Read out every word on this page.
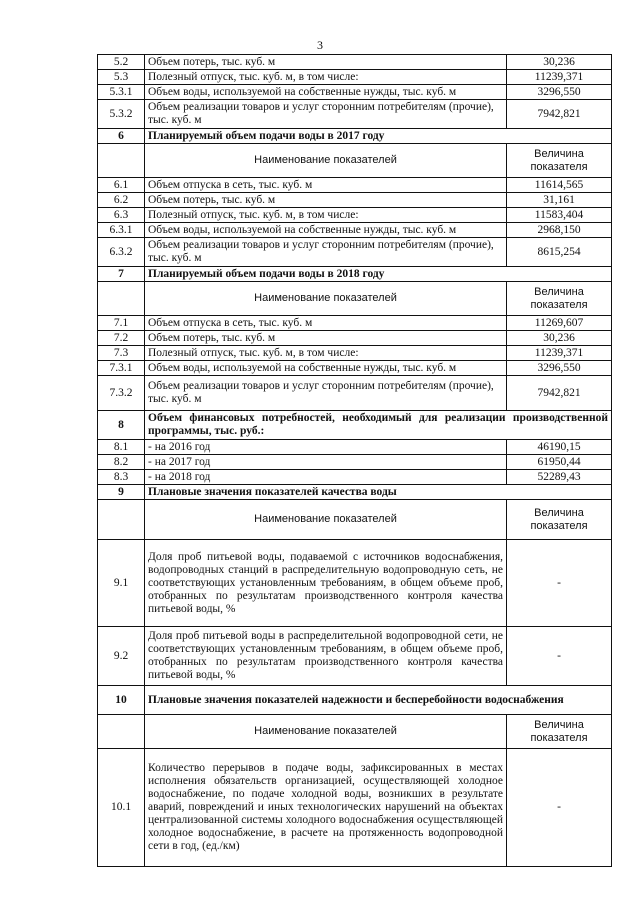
3
5.2	Объем потерь, тыс. куб. м	30,236
5.3	Полезный отпуск, тыс. куб. м, в том числе:	11239,371
5.3.1	Объем воды, используемой на собственные нужды, тыс. куб. м	3296,550
5.3.2	Объем реализации товаров и услуг сторонним потребителям (прочие), тыс. куб. м	7942,821
6	Планируемый объем подачи воды в 2017 году	
	Наименование показателей	Величина показателя
6.1	Объем отпуска в сеть, тыс. куб. м	11614,565
6.2	Объем потерь, тыс. куб. м	31,161
6.3	Полезный отпуск, тыс. куб. м, в том числе:	11583,404
6.3.1	Объем воды, используемой на собственные нужды, тыс. куб. м	2968,150
6.3.2	Объем реализации товаров и услуг сторонним потребителям (прочие), тыс. куб. м	8615,254
7	Планируемый объем подачи воды в 2018 году	
	Наименование показателей	Величина показателя
7.1	Объем отпуска в сеть, тыс. куб. м	11269,607
7.2	Объем потерь, тыс. куб. м	30,236
7.3	Полезный отпуск, тыс. куб. м, в том числе:	11239,371
7.3.1	Объем воды, используемой на собственные нужды, тыс. куб. м	3296,550
7.3.2	Объем реализации товаров и услуг сторонним потребителям (прочие), тыс. куб. м	7942,821
8	Объем финансовых потребностей, необходимый для реализации производственной программы, тыс. руб.:	
8.1	- на 2016 год	46190,15
8.2	- на 2017 год	61950,44
8.3	- на 2018 год	52289,43
9	Плановые значения показателей качества воды	
	Наименование показателей	Величина показателя
9.1	Доля проб питьевой воды, подаваемой с источников водоснабжения, водопроводных станций в распределительную водопроводную сеть, не соответствующих установленным требованиям, в общем объеме проб, отобранных по результатам производственного контроля качества питьевой воды, %	-
9.2	Доля проб питьевой воды в распределительной водопроводной сети, не соответствующих установленным требованиям, в общем объеме проб, отобранных по результатам производственного контроля качества питьевой воды, %	-
10	Плановые значения показателей надежности и бесперебойности водоснабжения	
	Наименование показателей	Величина показателя
10.1	Количество перерывов в подаче воды, зафиксированных в местах исполнения обязательств организацией, осуществляющей холодное водоснабжение, по подаче холодной воды, возникших в результате аварий, повреждений и иных технологических нарушений на объектах централизованной системы холодного водоснабжения осуществляющей холодное водоснабжение, в расчете на протяженность водопроводной сети в год, (ед./км)	-
